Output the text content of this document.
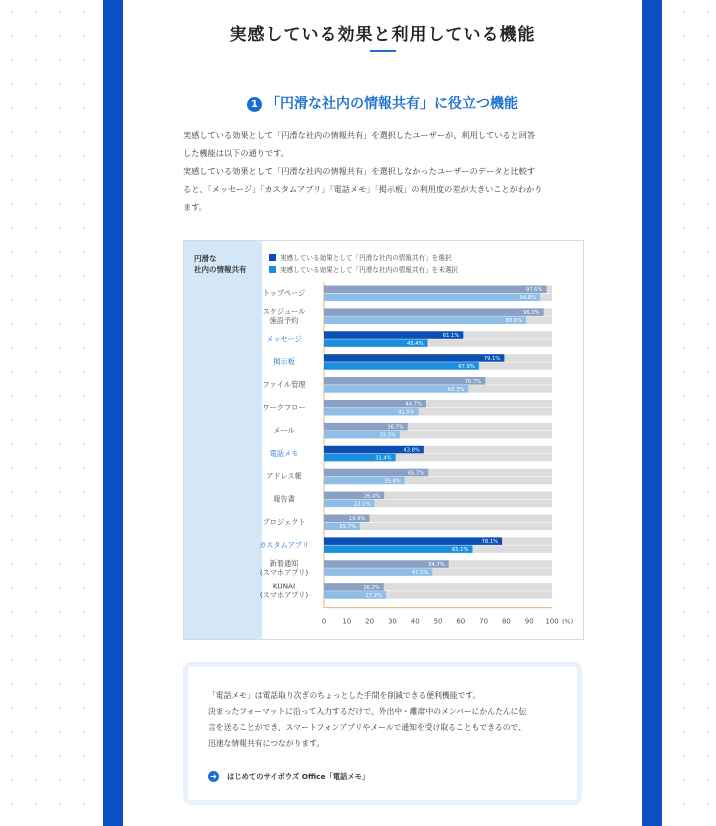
実感している効果と利用している機能
1 「円滑な社内の情報共有」に役立つ機能

実感している効果として「円滑な社内の情報共有」を選択したユーザーが、利用していると回答

した機能は以下の通りです。

実感している効果として「円滑な社内の情報共有」を選択しなかったユーザーのデータと比較す

ると、「メッセージ」「カスタムアプリ」「電話メモ」「掲示板」の利用度の差が大きいことがわかり

ます。

円滑な
社内の情報共有
実感している効果として「円滑な社内の情報共有」を選択
実感している効果として「円滑な社内の情報共有」を未選択
トップページ	97.6%
94.8%
スケジュール施設予約
96.3%
88.6%
メッセージ	61.1%
45.4%
掲示板	79.1%
67.9%
ファイル管理	70.7%
63.3%
ワークフロー	44.7%
41.5%
メール	36.7%
33.3%
電話メモ	43.8%
31.4%
アドレス帳	45.7%
35.4%
報告書	26.4%
22.1%
プロジェクト	19.9%
15.7%
カスタムアプリ	78.1%
65.1%
新着通知(スマホアプリ)
54.7%
47.5%
KUNAI (スマホアプリ)
26.2%
27.2%
0 10 20 30 40 50 60 70 80 90 100 (%)

「電話メモ」は電話取り次ぎのちょっとした手間を削減できる便利機能です。

決まったフォーマットに沿って入力するだけで、外出中・離席中のメンバーにかんたんに伝

言を送ることができ、スマートフォンアプリやメールで通知を受け取ることもできるので、

迅速な情報共有につながります。

➜ はじめてのサイボウズ Office「電話メモ」
